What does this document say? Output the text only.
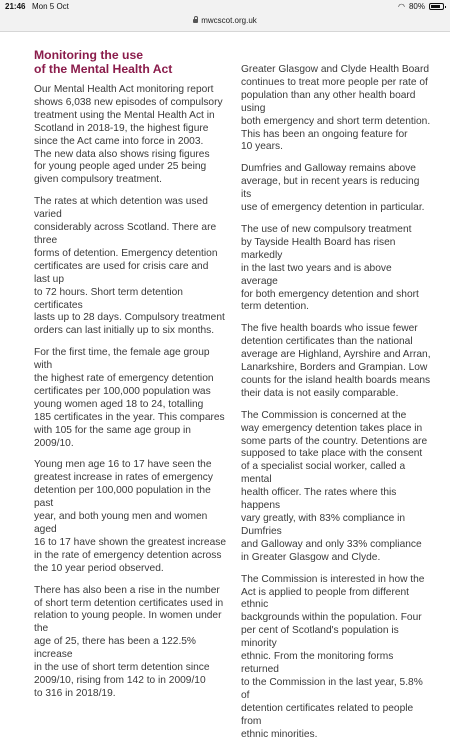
21:46 Mon 5 Oct	◠ 80%
mwcscot.org.uk
Monitoring the use
of the Mental Health Act

Our Mental Health Act monitoring report
shows 6,038 new episodes of compulsory
treatment using the Mental Health Act in
Scotland in 2018-19, the highest figure
since the Act came into force in 2003.
The new data also shows rising figures
for young people aged under 25 being
given compulsory treatment.

The rates at which detention was used varied
considerably across Scotland. There are three
forms of detention. Emergency detention
certificates are used for crisis care and last up
to 72 hours. Short term detention certificates
lasts up to 28 days. Compulsory treatment
orders can last initially up to six months.

For the first time, the female age group with
the highest rate of emergency detention
certificates per 100,000 population was
young women aged 18 to 24, totalling
185 certificates in the year. This compares
with 105 for the same age group in 2009/10.

Young men age 16 to 17 have seen the
greatest increase in rates of emergency
detention per 100,000 population in the past
year, and both young men and women aged
16 to 17 have shown the greatest increase
in the rate of emergency detention across
the 10 year period observed.

There has also been a rise in the number
of short term detention certificates used in
relation to young people. In women under the
age of 25, there has been a 122.5% increase
in the use of short term detention since
2009/10, rising from 142 to in 2009/10
to 316 in 2018/19.

Greater Glasgow and Clyde Health Board
continues to treat more people per rate of
population than any other health board using
both emergency and short term detention.
This has been an ongoing feature for
10 years.

Dumfries and Galloway remains above
average, but in recent years is reducing its
use of emergency detention in particular.

The use of new compulsory treatment
by Tayside Health Board has risen markedly
in the last two years and is above average
for both emergency detention and short
term detention.

The five health boards who issue fewer
detention certificates than the national
average are Highland, Ayrshire and Arran,
Lanarkshire, Borders and Grampian. Low
counts for the island health boards means
their data is not easily comparable.

The Commission is concerned at the
way emergency detention takes place in
some parts of the country. Detentions are
supposed to take place with the consent
of a specialist social worker, called a mental
health officer. The rates where this happens
vary greatly, with 83% compliance in Dumfries
and Galloway and only 33% compliance
in Greater Glasgow and Clyde.

The Commission is interested in how the
Act is applied to people from different ethnic
backgrounds within the population. Four
per cent of Scotland's population is minority
ethnic. From the monitoring forms returned
to the Commission in the last year, 5.8% of
detention certificates related to people from
ethnic minorities.
